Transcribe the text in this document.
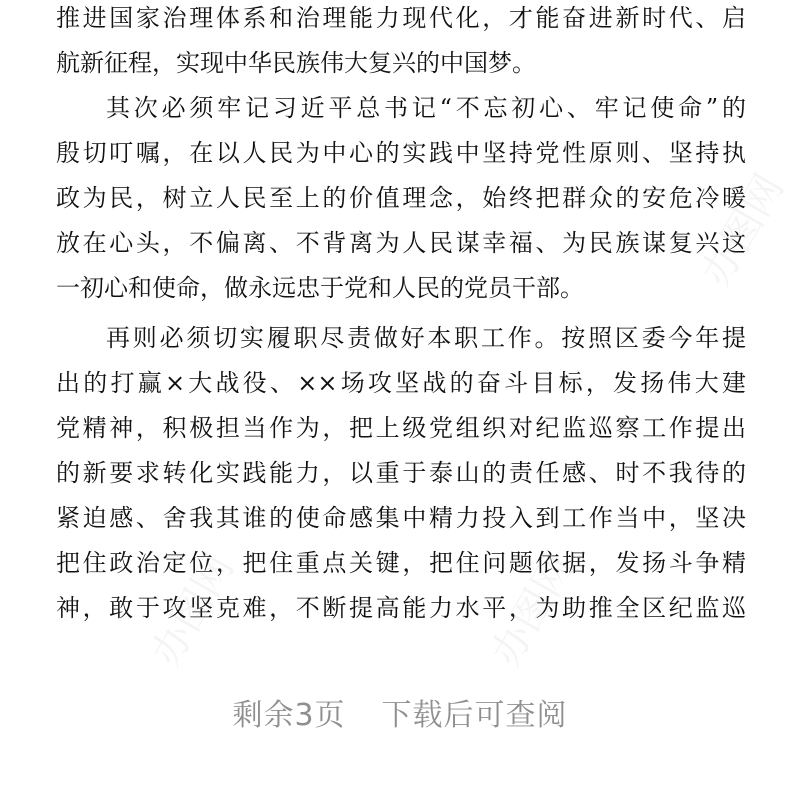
推进国家治理体系和治理能力现代化，才能奋进新时代、启
航新征程，实现中华民族伟大复兴的中国梦。
其次必须牢记习近平总书记“不忘初心、牢记使命”的
殷切叮嘱，在以人民为中心的实践中坚持党性原则、坚持执
政为民，树立人民至上的价值理念，始终把群众的安危冷暖
放在心头，不偏离、不背离为人民谋幸福、为民族谋复兴这
一初心和使命，做永远忠于党和人民的党员干部。
再则必须切实履职尽责做好本职工作。按照区委今年提
出的打赢×大战役、××场攻坚战的奋斗目标，发扬伟大建
党精神，积极担当作为，把上级党组织对纪监巡察工作提出
的新要求转化实践能力，以重于泰山的责任感、时不我待的
紧迫感、舍我其谁的使命感集中精力投入到工作当中，坚决
把住政治定位，把住重点关键，把住问题依据，发扬斗争精
神，敢于攻坚克难，不断提高能力水平，为助推全区纪监巡
办图网	办图网
办图网
剩余3页 下载后可查阅
